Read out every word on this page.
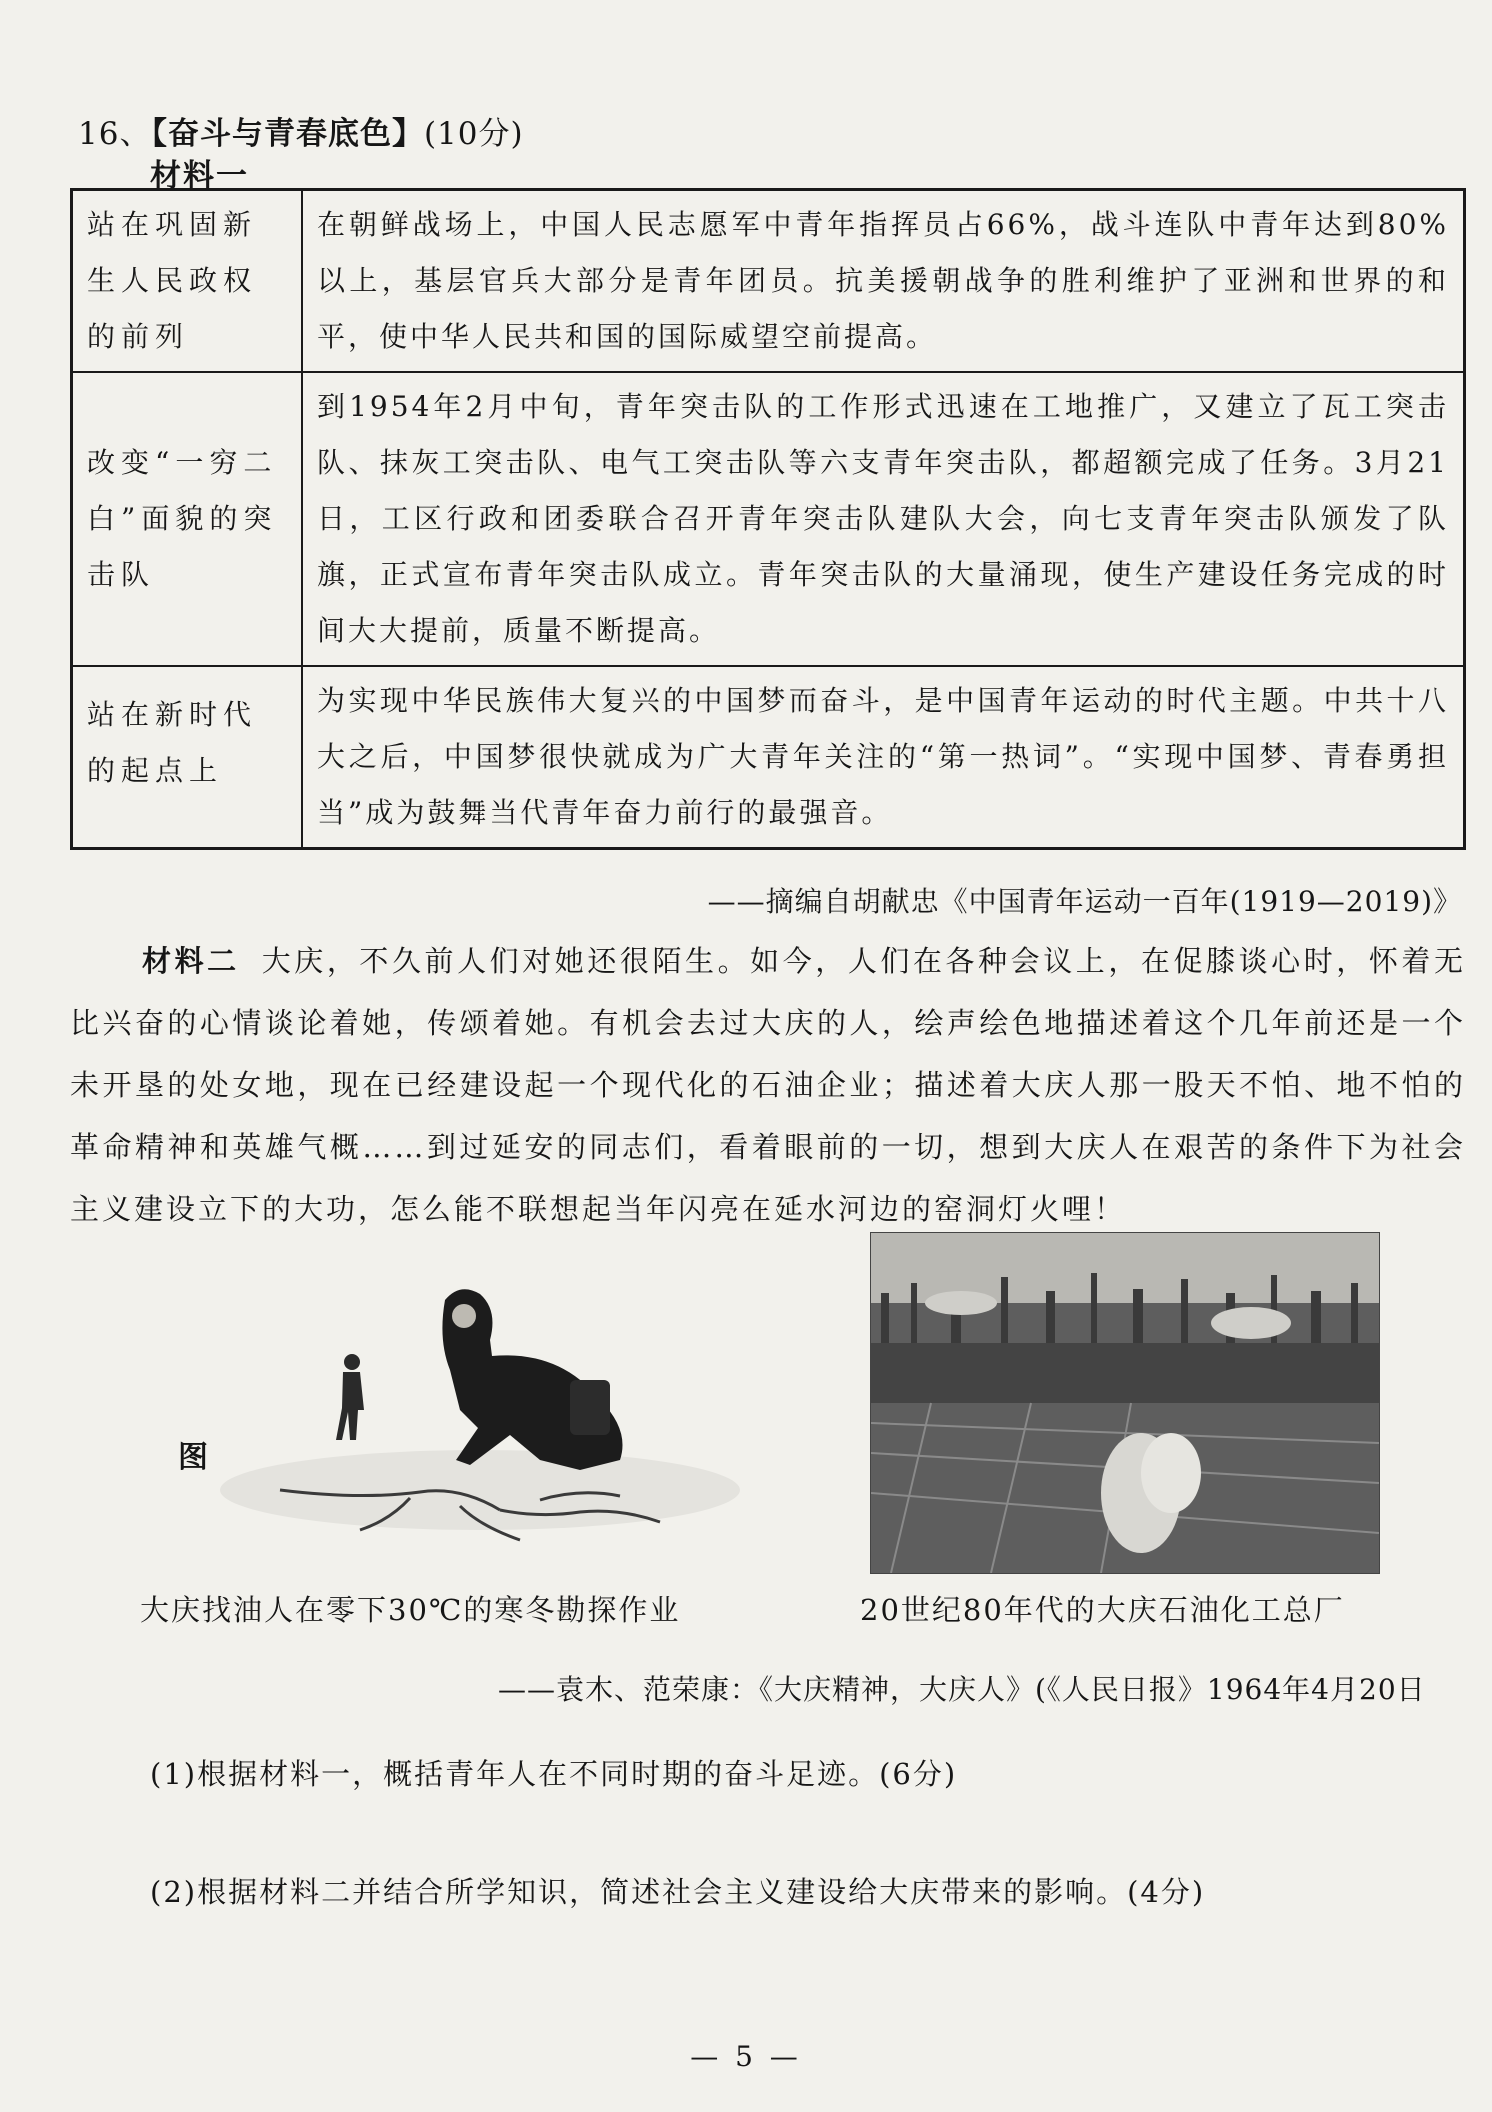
16、【奋斗与青春底色】(10分)
材料一
站在巩固新生人民政权的前列	在朝鲜战场上，中国人民志愿军中青年指挥员占66%，战斗连队中青年达到80%以上，基层官兵大部分是青年团员。抗美援朝战争的胜利维护了亚洲和世界的和平，使中华人民共和国的国际威望空前提高。
改变“一穷二白”面貌的突击队	到1954年2月中旬，青年突击队的工作形式迅速在工地推广，又建立了瓦工突击队、抹灰工突击队、电气工突击队等六支青年突击队，都超额完成了任务。3月21日，工区行政和团委联合召开青年突击队建队大会，向七支青年突击队颁发了队旗，正式宣布青年突击队成立。青年突击队的大量涌现，使生产建设任务完成的时间大大提前，质量不断提高。
站在新时代的起点上	为实现中华民族伟大复兴的中国梦而奋斗，是中国青年运动的时代主题。中共十八大之后，中国梦很快就成为广大青年关注的“第一热词”。“实现中国梦、青春勇担当”成为鼓舞当代青年奋力前行的最强音。
——摘编自胡献忠《中国青年运动一百年(1919—2019)》
材料二 大庆，不久前人们对她还很陌生。如今，人们在各种会议上，在促膝谈心时，怀着无比兴奋的心情谈论着她，传颂着她。有机会去过大庆的人，绘声绘色地描述着这个几年前还是一个未开垦的处女地，现在已经建设起一个现代化的石油企业；描述着大庆人那一股天不怕、地不怕的革命精神和英雄气概……到过延安的同志们，看着眼前的一切，想到大庆人在艰苦的条件下为社会主义建设立下的大功，怎么能不联想起当年闪亮在延水河边的窑洞灯火哩！
图
大庆找油人在零下30℃的寒冬勘探作业	20世纪80年代的大庆石油化工总厂
——袁木、范荣康：《大庆精神，大庆人》(《人民日报》1964年4月20日
(1)根据材料一，概括青年人在不同时期的奋斗足迹。(6分)
(2)根据材料二并结合所学知识，简述社会主义建设给大庆带来的影响。(4分)
— 5 —
